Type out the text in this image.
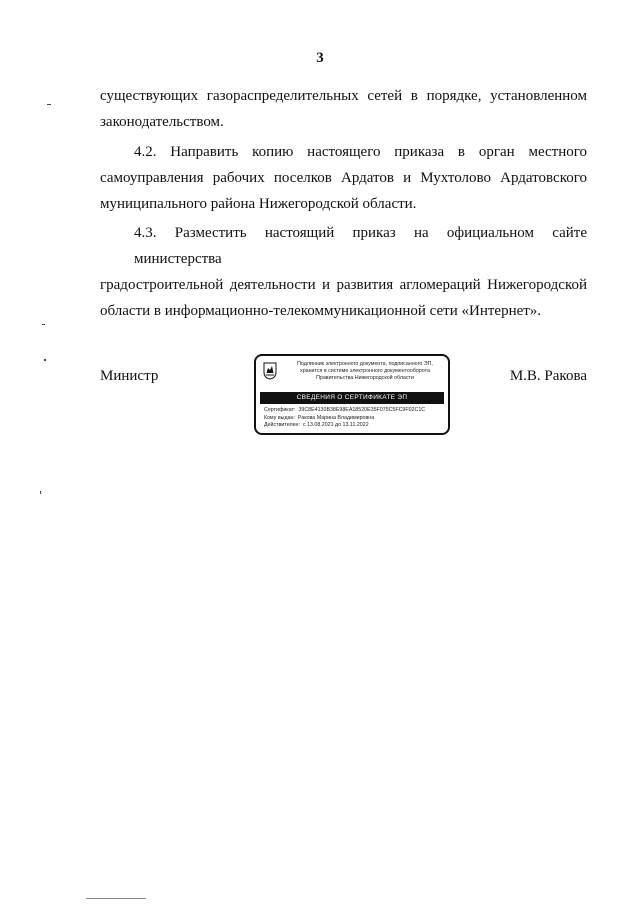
3
существующих газораспределительных сетей в порядке, установленном
законодательством.
4.2. Направить копию настоящего приказа в орган местного
самоуправления рабочих поселков Ардатов и Мухтолово Ардатовского
муниципального района Нижегородской области.
4.3. Разместить настоящий приказ на официальном сайте министерства
градостроительной деятельности и развития агломераций Нижегородской
области в информационно-телекоммуникационной сети «Интернет».
Министр	М.В. Ракова
Подлинник электронного документа, подписанного ЭП,
хранится в системе электронного документооборота
Правительства Нижегородской области
СВЕДЕНИЯ О СЕРТИФИКАТЕ ЭП
Сертификат: 39C8E4130B38E98EA18520E35F075C5FC9F02C1C
Кому выдан: Ракова Марина Владимировна
Действителен: с 13.08.2021 до 13.11.2022
